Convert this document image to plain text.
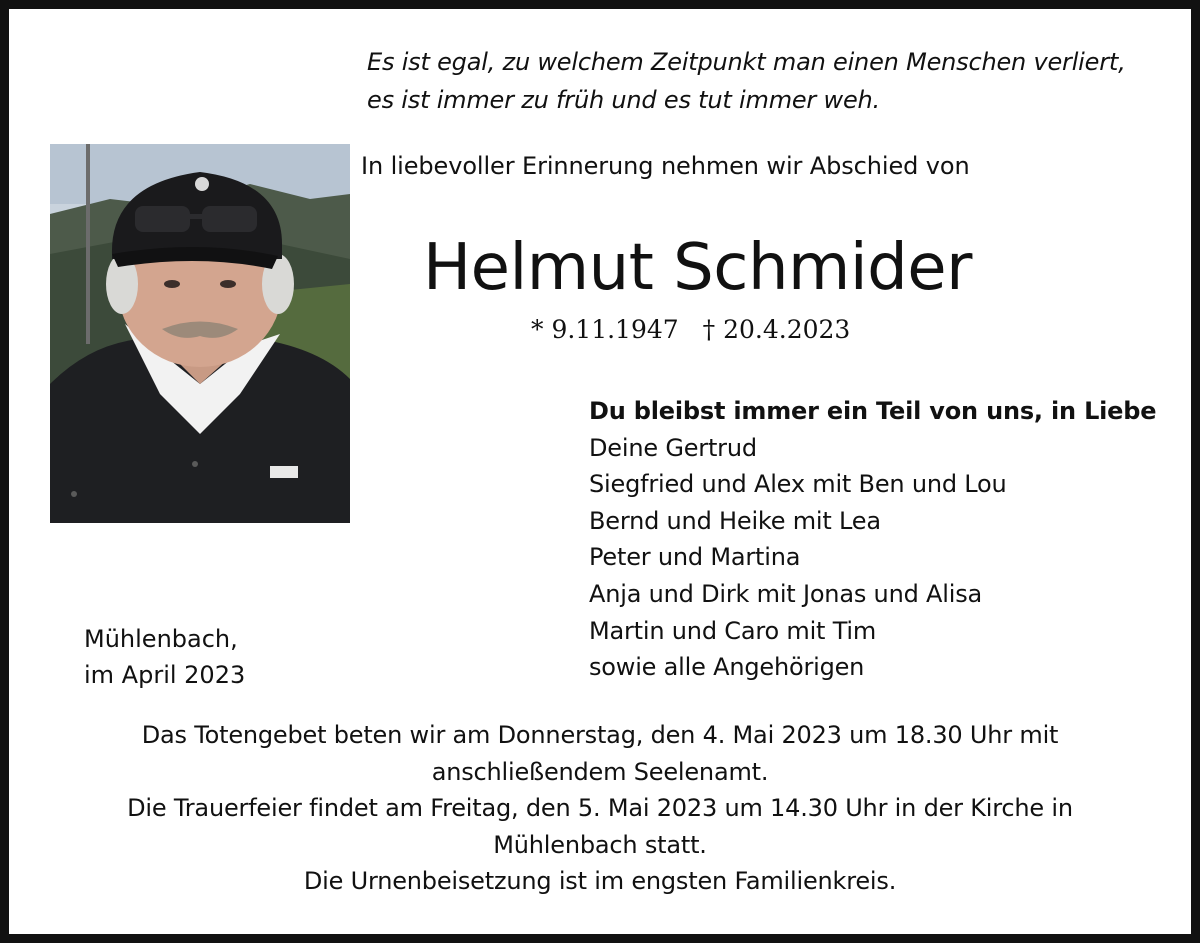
Es ist egal, zu welchem Zeitpunkt man einen Menschen verliert,
es ist immer zu früh und es tut immer weh.
In liebevoller Erinnerung nehmen wir Abschied von
Helmut Schmider
* 9.11.1947 † 20.4.2023
Du bleibst immer ein Teil von uns, in Liebe
Deine Gertrud
Siegfried und Alex mit Ben und Lou
Bernd und Heike mit Lea
Peter und Martina
Anja und Dirk mit Jonas und Alisa
Martin und Caro mit Tim
sowie alle Angehörigen
Mühlenbach,
im April 2023
Das Totengebet beten wir am Donnerstag, den 4. Mai 2023 um 18.30 Uhr mit
anschließendem Seelenamt.
Die Trauerfeier findet am Freitag, den 5. Mai 2023 um 14.30 Uhr in der Kirche in
Mühlenbach statt.
Die Urnenbeisetzung ist im engsten Familienkreis.
